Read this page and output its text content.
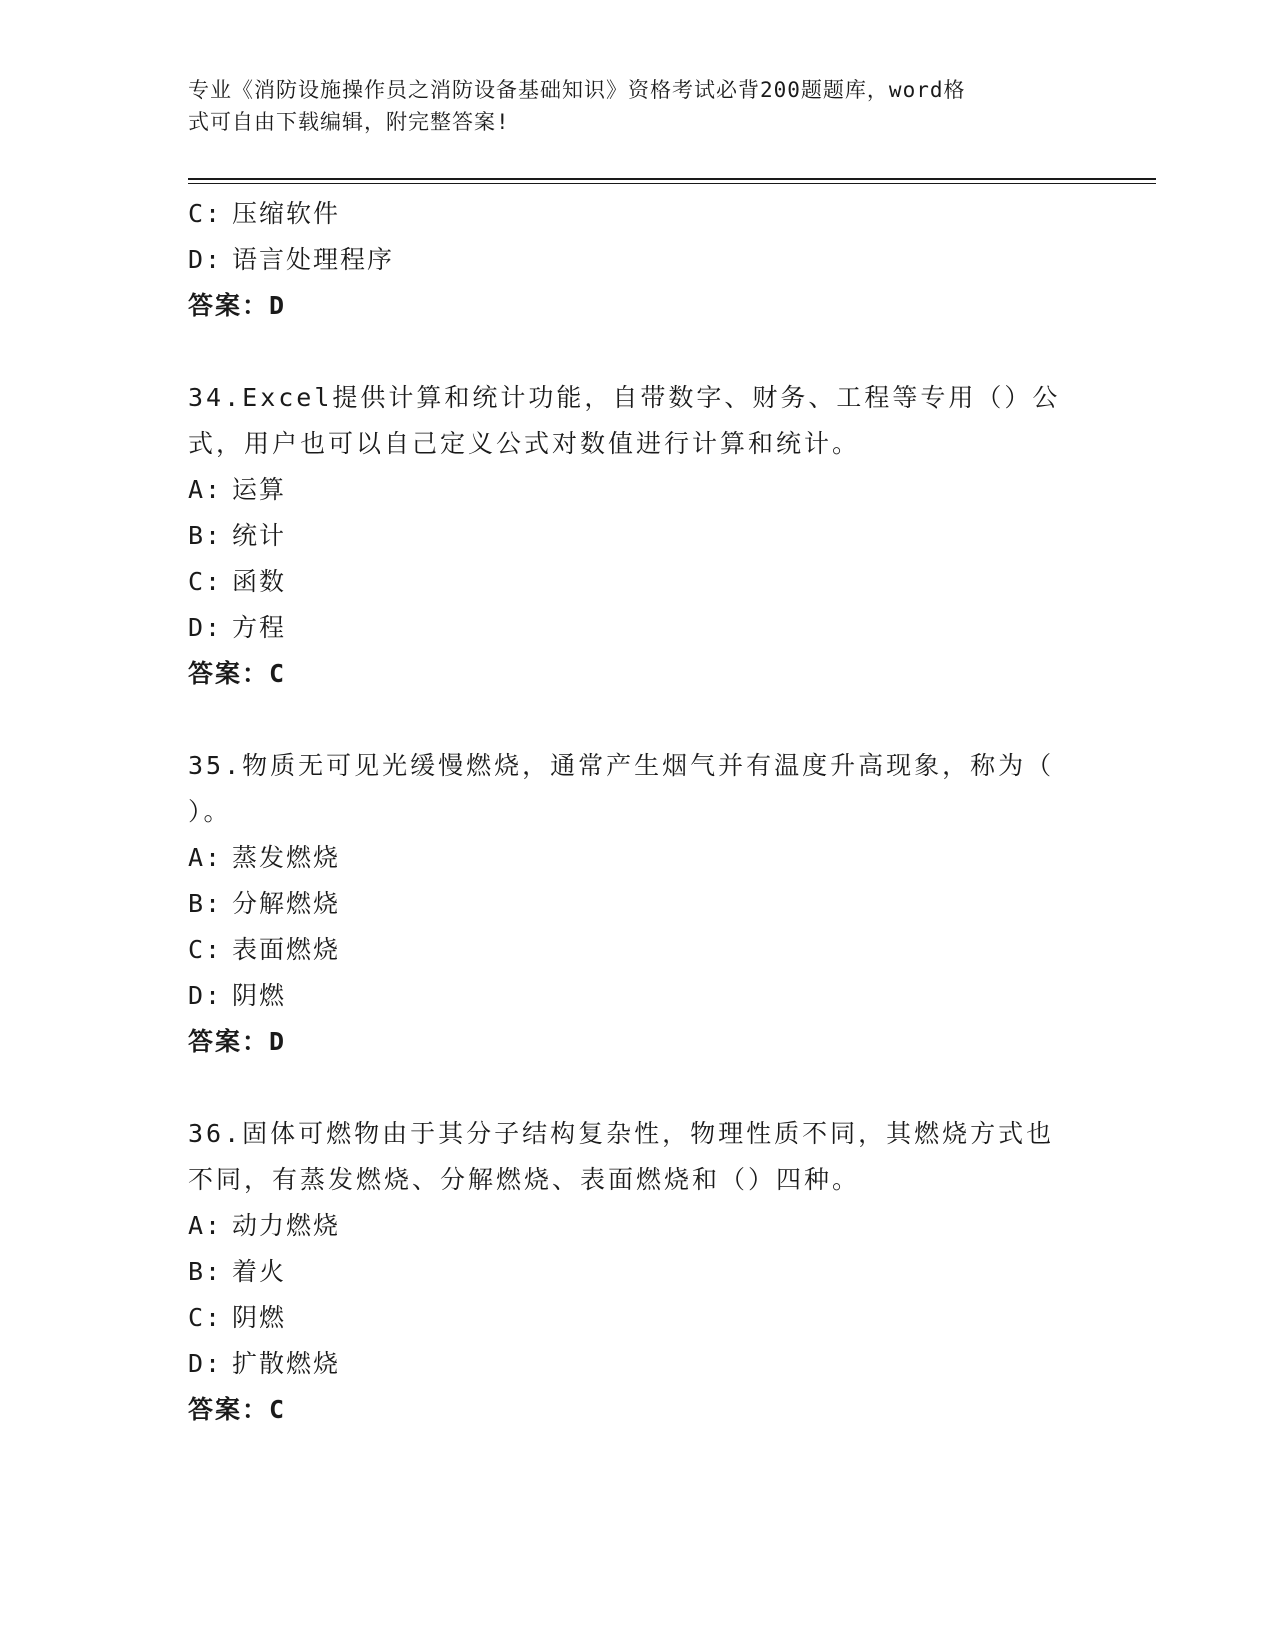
专业《消防设施操作员之消防设备基础知识》资格考试必背200题题库，word格
式可自由下载编辑，附完整答案!
C: 压缩软件
D: 语言处理程序
答案：D
34.Excel提供计算和统计功能，自带数字、财务、工程等专用（）公
式，用户也可以自己定义公式对数值进行计算和统计。
A: 运算
B: 统计
C: 函数
D: 方程
答案：C
35.物质无可见光缓慢燃烧，通常产生烟气并有温度升高现象，称为（
）。
A: 蒸发燃烧
B: 分解燃烧
C: 表面燃烧
D: 阴燃
答案：D
36.固体可燃物由于其分子结构复杂性，物理性质不同，其燃烧方式也
不同，有蒸发燃烧、分解燃烧、表面燃烧和（）四种。
A: 动力燃烧
B: 着火
C: 阴燃
D: 扩散燃烧
答案：C
